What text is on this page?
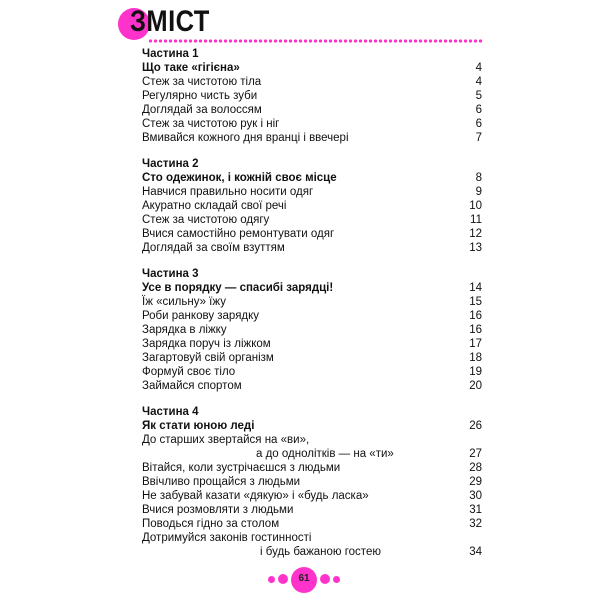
ЗМІСТ
Частина 1
Що таке «гігієна»	4
Стеж за чистотою тіла	4
Регулярно чисть зуби	5
Доглядай за волоссям	6
Стеж за чистотою рук і ніг	6
Вмивайся кожного дня вранці і ввечері	7
Частина 2
Сто одежинок, і кожній своє місце	8
Навчися правильно носити одяг	9
Акуратно складай свої речі	10
Стеж за чистотою одягу	11
Вчися самостійно ремонтувати одяг	12
Доглядай за своїм взуттям	13
Частина 3
Усе в порядку — спасибі зарядці!	14
Їж «сильну» їжу	15
Роби ранкову зарядку	16
Зарядка в ліжку	16
Зарядка поруч із ліжком	17
Загартовуй свій організм	18
Формуй своє тіло	19
Займайся спортом	20
Частина 4
Як стати юною леді	26
До старших звертайся на «ви»,
а до однолітків — на «ти»	27
Вітайся, коли зустрічаєшся з людьми	28
Ввічливо прощайся з людьми	29
Не забувай казати «дякую» і «будь ласка»	30
Вчися розмовляти з людьми	31
Поводься гідно за столом	32
Дотримуйся законів гостинності
і будь бажаною гостею	34
61
